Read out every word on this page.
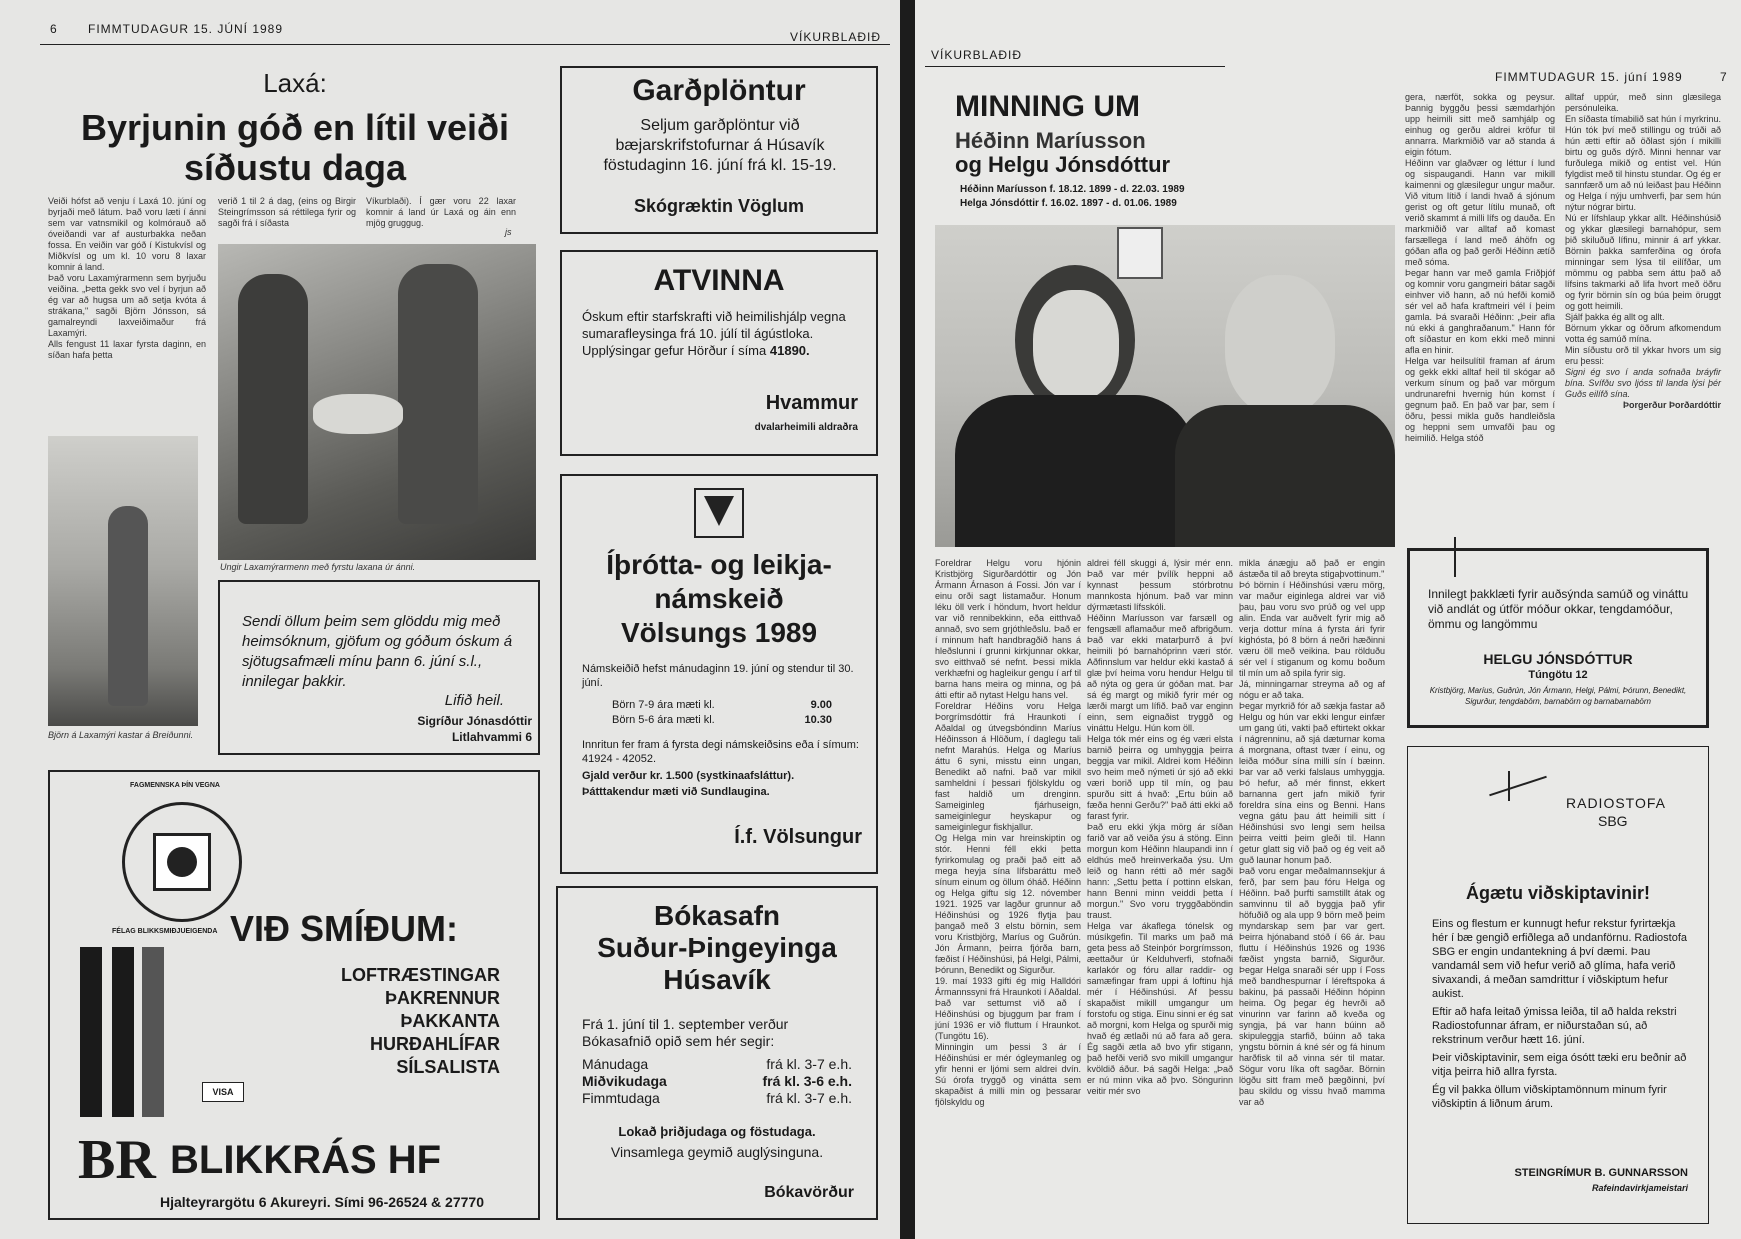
6	FIMMTUDAGUR 15. JÚNÍ 1989
VÍKURBLAÐIÐ
Laxá:
Byrjunin góð en lítil veiði
síðustu daga

Veiði hófst að venju í Laxá 10. júní og byrjaði með látum. Það voru læti í ánni sem var vatnsmikil og kolmórauð að óveiðandi var af austurbakka neðan fossa. En veiðin var góð í Kistukvísl og Miðkvísl og um kl. 10 voru 8 laxar komnir á land.

Það voru Laxamýrarmenn sem byrjuðu veiðina. „Þetta gekk svo vel í byrjun að ég var að hugsa um að setja kvóta á strákana," sagði Björn Jónsson, sá gamalreyndi laxveiðimaður frá Laxamýri.

Alls fengust 11 laxar fyrsta daginn, en síðan hafa þetta

verið 1 til 2 á dag, (eins og Birgir Steingrímsson sá réttilega fyrir og sagði frá í síðasta
Víkurblaði). Í gær voru 22 laxar komnir á land úr Laxá og áin enn mjög gruggug.
js
Ungir Laxamýrarmenn með fyrstu laxana úr ánni.
Björn á Laxamýri kastar á Breiðunni.
Sendi öllum þeim sem glöddu mig með heimsóknum, gjöfum og góðum óskum á sjötugsafmæli mínu þann 6. júní s.l., innilegar þakkir.
Lifið heil.
Sigríður Jónasdóttir
Litlahvammi 6
FAGMENNSKA ÞÍN VEGNA
FÉLAG BLIKKSMIÐJUEIGENDA VIÐ SMÍÐUM:
LOFTRÆSTINGAR
ÞAKRENNUR
ÞAKKANTA
HURÐAHLÍFAR
SÍLSALISTA
VISA
BR BLIKKRÁS HF
Hjalteyrargötu 6 Akureyri. Sími 96-26524 & 27770
Garðplöntur
Seljum garðplöntur við bæjarskrifstofurnar á Húsavík föstudaginn 16. júní frá kl. 15-19.
Skógræktin Vöglum
ATVINNA
Óskum eftir starfskrafti við heimilishjálp vegna sumarafleysinga frá 10. júlí til ágústloka. Upplýsingar gefur Hörður í síma 41890.
Hvammur
dvalarheimili aldraðra
Íþrótta- og leikja-
námskeið
Völsungs 1989
Námskeiðið hefst mánudaginn 19. júní og stendur til 30. júní.
Börn 7-9 ára mæti kl.	9.00
Börn 5-6 ára mæti kl.	10.30
Innritun fer fram á fyrsta degi námskeiðsins eða í símum: 41924 - 42052.
Gjald verður kr. 1.500 (systkinaafsláttur).
Þátttakendur mæti við Sundlaugina.
Í.f. Völsungur
Bókasafn
Suður-Þingeyinga
Húsavík
Frá 1. júní til 1. september verður Bókasafnið opið sem hér segir:
Mánudaga	frá kl. 3-7 e.h.
Miðvikudaga	frá kl. 3-6 e.h.
Fimmtudaga	frá kl. 3-7 e.h.
Lokað þriðjudaga og föstudaga.
Vinsamlega geymið auglýsinguna.
Bókavörður
VÍKURBLAÐIÐ
FIMMTUDAGUR 15. júní 1989	7
MINNING UM
Héðinn Maríusson
og Helgu Jónsdóttur
Héðinn Maríusson f. 18.12. 1899 - d. 22.03. 1989
Helga Jónsdóttir f. 16.02. 1897 - d. 01.06. 1989

Foreldrar Helgu voru hjónin Kristbjörg Sigurðardóttir og Jón Ármann Árnason á Fossi. Jón var í einu orði sagt listamaður. Honum léku öll verk í höndum, hvort heldur var við rennibekkinn, eða eitthvað annað, svo sem grjóthleðslu. Það er í minnum haft handbragðið hans á hleðslunni í grunni kirkjunnar okkar, svo eitthvað sé nefnt. Þessi mikla verkhæfni og hagleikur gengu í arf til barna hans meira og minna, og þá átti eftir að nytast Helgu hans vel.

Foreldrar Héðins voru Helga Þorgrímsdóttir frá Hraunkoti í Aðaldal og útvegsbóndinn Maríus Héðinsson á Hlöðum, í daglegu tali nefnt Marahús. Helga og Maríus áttu 6 syni, misstu einn ungan, Benedikt að nafni. Það var mikil samheldni í þessari fjölskyldu og fast haldið um drenginn. Sameiginleg fjárhuseign, sameiginlegur heyskapur og sameiginlegur fiskhjallur.

Og Helga min var hreinskiptin og stór. Henni féll ekki þetta fyrirkomulag og praði það eitt að mega heyja sína lífsbaráttu með sínum einum og öllum óháð. Héðinn og Helga giftu sig 12. nóvember 1921. 1925 var lagður grunnur að Héðinshúsi og 1926 flytja þau þangað með 3 elstu börnin, sem voru Kristbjörg, Maríus og Guðrún. Jón Ármann, þeirra fjórða barn, fæðist í Héðinshúsi, þá Helgi, Pálmi, Þórunn, Benedikt og Sigurður.

19. maí 1933 gifti ég mig Halldóri Ármannssyni frá Hraunkoti í Aðaldal. Það var settumst við að í Héðinshúsi og bjuggum þar fram í júní 1936 er við fluttum í Hraunkot. (Tungötu 16).

Minningin um þessi 3 ár í Héðinshúsi er mér ógleymanleg og yfir henni er ljómi sem aldrei dvín. Sú órofa tryggð og vinátta sem skapaðist á milli min og þessarar fjölskyldu og

aldrei féll skuggi á, lýsir mér enn. Það var mér þvílík heppni að kynnast þessum stórbrotnu mannkosta hjónum. Það var minn dýrmætasti lífsskóli.

Héðinn Maríusson var farsæll og fengsæll aflamaður með afbrigðum. Það var ekki matarþurrð á því heimili þó barnahóprinn væri stór. Aðfinnslum var heldur ekki kastað á glæ því heima voru hendur Helgu til að nýta og gera úr góðan mat. Þar sá ég margt og mikið fyrir mér og lærði margt um lífið. Það var enginn einn, sem eignaðist tryggð og vináttu Helgu. Hún kom öll.

Helga tók mér eins og ég væri elsta barnið þeirra og umhyggja þeirra beggja var mikil. Aldrei kom Héðinn svo heim með nýmeti úr sjó að ekki væri borið upp til mín, og þau spurðu sitt á hvað: „Ertu búin að fæða henni Gerðu?" Það átti ekki að farast fyrir.

Það eru ekki ýkja mörg ár síðan farið var að veiða ýsu á stöng. Einn morgun kom Héðinn hlaupandi inn í eldhús með hreinverkaða ýsu. Um leið og hann rétti að mér sagði hann: „Settu þetta í pottinn elskan, hann Benni minn veiddi þetta í morgun." Svo voru tryggðaböndin traust.

Helga var ákaflega tónelsk og músíkgefin. Til marks um það má geta þess að Steinþór Þorgrímsson, æettaður úr Kelduhverfi, stofnaði karlakór og fóru allar raddir- og samæfingar fram uppi á loftinu hjá mér í Héðinshúsi. Af þessu skapaðist mikill umgangur um forstofu og stiga. Einu sinni er ég sat að morgni, kom Helga og spurði mig hvað ég ætlaði nú að fara að gera. Ég sagði ætla að bvo yfir stigann, það hefði verið svo mikill umgangur kvöldið áður. Þá sagði Helga: „Það er nú minn vika að þvo. Söngurinn veitir mér svo

mikla ánægju að það er engin ástæða til að breyta stigaþvottinum."

Þó börnin í Héðinshúsi væru mörg, var maður eiginlega aldrei var við þau, þau voru svo prúð og vel upp alin. Enda var auðvelt fyrir mig að verja dottur mína á fyrsta ári fyrir kighósta, þó 8 börn á neðri hæðinni væru öll með veikina. Þau rölduðu sér vel í stiganum og komu boðum til mín um að spila fyrir sig.

Já, minningarnar streyma að og af nógu er að taka.

Þegar myrkrið fór að sækja fastar að Helgu og hún var ekki lengur einfær um gang úti, vakti það eftirtekt okkar í nágrenninu, að sjá dæturnar koma á morgnana, oftast tvær í einu, og leiða móður sína milli sín í bæinn. Þar var að verki falslaus umhyggja. Þó hefur, að mér finnst, ekkert barnanna gert jafn mikið fyrir foreldra sína eins og Benni. Hans vegna gátu þau átt heimili sitt í Héðinshúsi svo lengi sem heilsa þeirra veitti þeim gleði til. Hann getur glatt sig við það og ég veit að guð launar honum það.

Það voru engar meðalmannsekjur á ferð, þar sem þau fóru Helga og Héðinn. Það þurfti samstillt átak og samvinnu til að byggja það yfir höfuðið og ala upp 9 börn með þeim myndarskap sem þar var gert. Þeirra hjónaband stóð í 66 ár. Þau fluttu í Héðinshús 1926 og 1936 fæðist yngsta barnið, Sigurður. Þegar Helga snaraði sér upp í Foss með bandhespurnar í léreftspoka á bakinu, þá passaði Héðinn hópinn heima. Og þegar ég hevrði að vinurinn var farinn að kveða og syngja, þá var hann búinn að skipuleggja starfið, búinn að taka yngstu börnin á kné sér og fá hinum harðfisk til að vinna sér til matar. Sögur voru líka oft sagðar. Börnin lögðu sitt fram með þægðinni, því þau skildu og vissu hvað mamma var að

gera, nærföt, sokka og peysur. Þannig byggðu þessi sæmdarhjón upp heimili sitt með samhjálp og einhug og gerðu aldrei kröfur til annarra. Markmiðið var að standa á eigin fótum.

Héðinn var glaðvær og léttur í lund og sispaugandi. Hann var mikill kaimenni og glæsilegur ungur maður. Við vitum lítið í landi hvað á sjónum gerist og oft getur lítilu munað, oft verið skammt á milli lífs og dauða. En markmiðið var alltaf að komast farsællega í land með áhöfn og góðan afla og það gerði Héðinn ætíð með sóma.

Þegar hann var með gamla Friðþjóf og komnir voru gangmeiri bátar sagði einhver við hann, að nú hefði komið sér vel að hafa kraftmeiri vél í þeim gamla. Þá svaraði Héðinn: „Þeir afla nú ekki á ganghraðanum." Hann fór oft síðastur en kom ekki með minni afla en hinir.

Helga var heilsulítil framan af árum og gekk ekki alltaf heil til skógar að verkum sínum og það var mörgum undrunarefni hvernig hún komst í gegnum það. En það var þar, sem í öðru, þessi mikla guðs handleiðsla og heppni sem umvafði þau og heimilið. Helga stóð

alltaf uppúr, með sinn glæsilega persónuleika.

En síðasta tímabilið sat hún í myrkrinu. Hún tók því með stillingu og trúði að hún ætti eftir að öðlast sjón í mikilli birtu og guðs dýrð. Minni hennar var furðulega mikið og entist vel. Hún fylgdist með til hinstu stundar. Og ég er sannfærð um að nú leiðast þau Héðinn og Helga í nýju umhverfi, þar sem hún nýtur nógrar birtu.

Nú er lífshlaup ykkar allt. Héðinshúsið og ykkar glæsilegi barnahópur, sem þið skiluðuð lífinu, minnir á arf ykkar. Börnin þakka samferðina og órofa minningar sem lýsa til eilífðar, um mömmu og pabba sem áttu það að lífsins takmarki að lifa hvort með öðru og fyrir börnin sín og búa þeim öruggt og gott heimili.

Sjálf þakka ég allt og allt.

Börnum ykkar og öðrum afkomendum votta ég samúð mína.

Min síðustu orð til ykkar hvors um sig eru þessi:

Signi ég svo í anda sofnaða bráyfir bína. Svífðu svo ljóss til landa lýsi þér Guðs eilífð sína.

Þorgerður Þorðardóttir

Innilegt þakklæti fyrir auðsýnda samúð og vináttu við andlát og útför móður okkar, tengdamóður, ömmu og langömmu
HELGU JÓNSDÓTTUR
Túngötu 12
Kristbjörg, Maríus, Guðrún, Jón Ármann, Helgi, Pálmi, Þórunn, Benedikt, Sigurður, tengdabörn, barnabörn og barnabarnabörn
RADIOSTOFA
SBG
Ágætu viðskiptavinir!

Eins og flestum er kunnugt hefur rekstur fyrirtækja hér í bæ gengið erfiðlega að undanförnu. Radiostofa SBG er engin undantekning á því dæmi. Þau vandamál sem við hefur verið að glíma, hafa verið sivaxandi, á meðan samdrittur í viðskiptum hefur aukist.

Eftir að hafa leitað ýmissa leiða, til að halda rekstri Radiostofunnar áfram, er niðurstaðan sú, að rekstrinum verður hætt 16. júní.

Þeir viðskiptavinir, sem eiga ósótt tæki eru beðnir að vitja þeirra hið allra fyrsta.

Ég vil þakka öllum viðskiptamönnum minum fyrir viðskiptin á liðnum árum.

STEINGRÍMUR B. GUNNARSSON
Rafeindavirkjameistari
